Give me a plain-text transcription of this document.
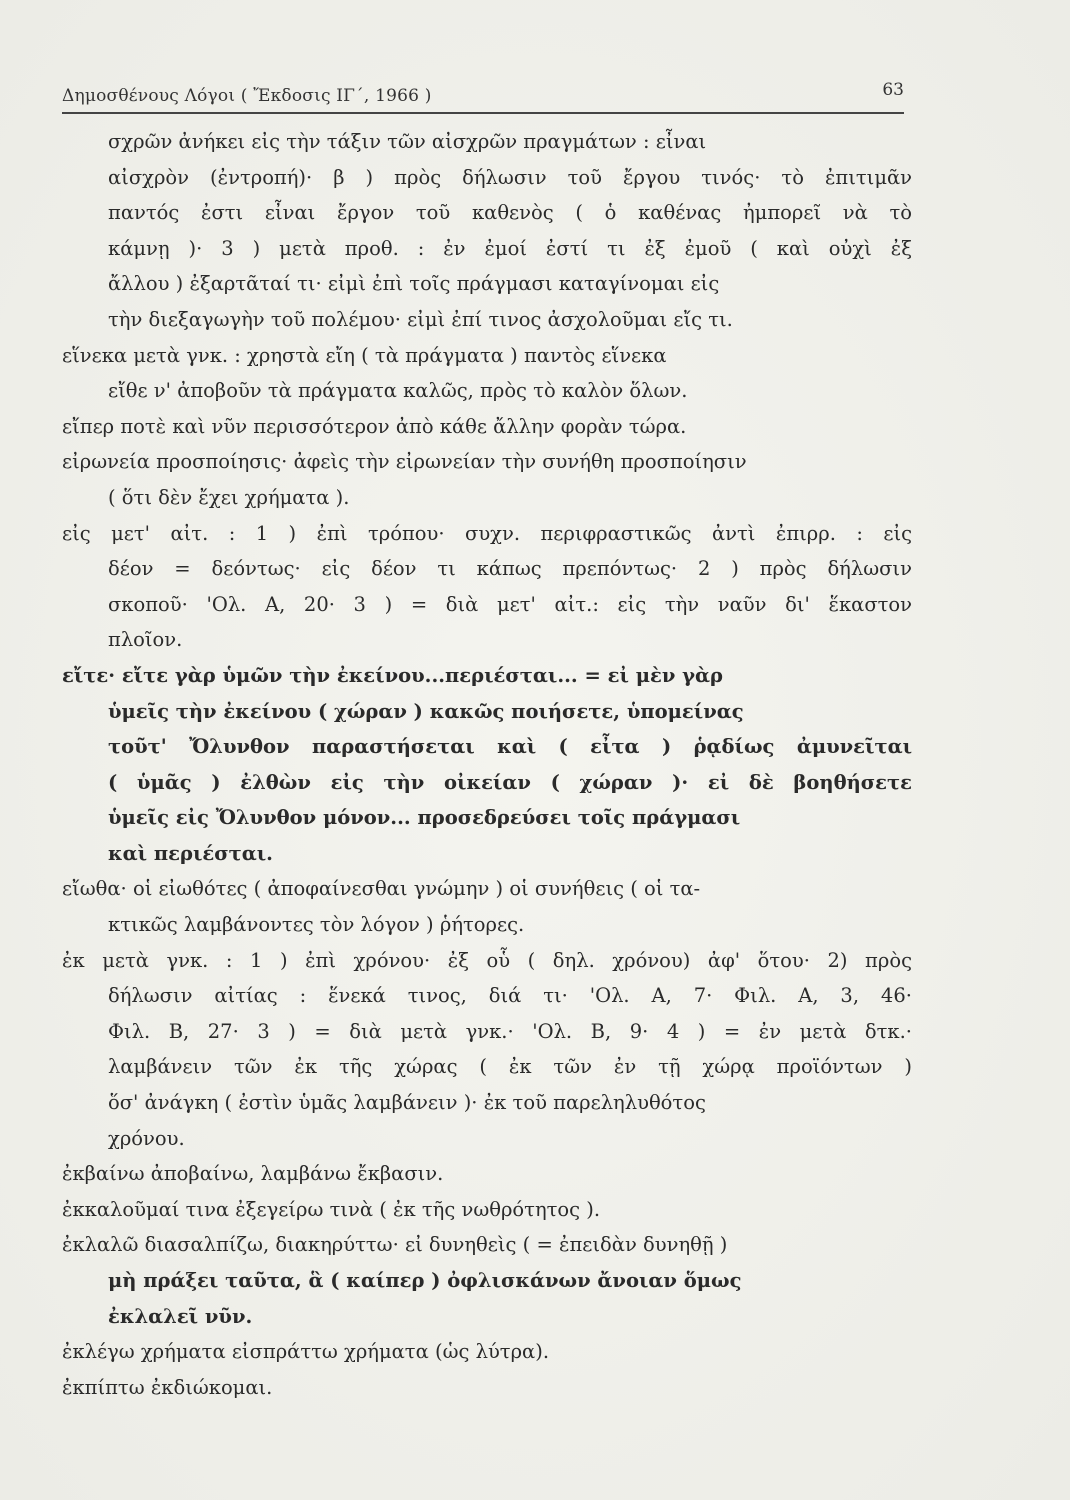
Δημοσθένους Λόγοι ( Ἔκδοσις ΙΓ΄, 1966 )	63
σχρῶν ἀνήκει εἰς τὴν τάξιν τῶν αἰσχρῶν πραγμάτων : εἶναι
αἰσχρὸν (ἐντροπή)· β ) πρὸς δήλωσιν τοῦ ἔργου τινός· τὸ ἐπιτιμᾶν
παντός ἐστι εἶναι ἔργον τοῦ καθενὸς ( ὁ καθένας ἠμπορεῖ νὰ τὸ
κάμνῃ )· 3 ) μετὰ προθ. : ἐν ἐμοί ἐστί τι ἐξ ἐμοῦ ( καὶ οὐχὶ ἐξ
ἄλλου ) ἐξαρτᾶταί τι· εἰμὶ ἐπὶ τοῖς πράγμασι καταγίνομαι εἰς
τὴν διεξαγωγὴν τοῦ πολέμου· εἰμὶ ἐπί τινος ἀσχολοῦμαι εἴς τι.
εἵνεκα μετὰ γνκ. : χρηστὰ εἴη ( τὰ πράγματα ) παντὸς εἵνεκα
εἴθε ν' ἀποβοῦν τὰ πράγματα καλῶς, πρὸς τὸ καλὸν ὅλων.
εἴπερ ποτὲ καὶ νῦν περισσότερον ἀπὸ κάθε ἄλλην φορὰν τώρα.
εἰρωνεία προσποίησις· ἀφεὶς τὴν εἰρωνείαν τὴν συνήθη προσποίησιν
( ὅτι δὲν ἔχει χρήματα ).
εἰς μετ' αἰτ. : 1 ) ἐπὶ τρόπου· συχν. περιφραστικῶς ἀντὶ ἐπιρρ. : εἰς
δέον = δεόντως· εἰς δέον τι κάπως πρεπόντως· 2 ) πρὸς δήλωσιν
σκοποῦ· 'Ολ. Α, 20· 3 ) = διὰ μετ' αἰτ.: εἰς τὴν ναῦν δι' ἕκαστον
πλοῖον.
εἴτε· εἴτε γὰρ ὑμῶν τὴν ἐκείνου...περιέσται... = εἰ μὲν γὰρ
ὑμεῖς τὴν ἐκείνου ( χώραν ) κακῶς ποιήσετε, ὑπομείνας
τοῦτ' Ὄλυνθον παραστήσεται καὶ ( εἶτα ) ῥᾳδίως ἀμυνεῖται
( ὑμᾶς ) ἐλθὼν εἰς τὴν οἰκείαν ( χώραν )· εἰ δὲ βοηθήσετε
ὑμεῖς εἰς Ὄλυνθον μόνον... προσεδρεύσει τοῖς πράγμασι
καὶ περιέσται.
εἴωθα· οἱ εἰωθότες ( ἀποφαίνεσθαι γνώμην ) οἱ συνήθεις ( οἱ τα-
κτικῶς λαμβάνοντες τὸν λόγον ) ῥήτορες.
ἐκ μετὰ γνκ. : 1 ) ἐπὶ χρόνου· ἐξ οὗ ( δηλ. χρόνου) ἀφ' ὅτου· 2) πρὸς
δήλωσιν αἰτίας : ἕνεκά τινος, διά τι· 'Ολ. Α, 7· Φιλ. Α, 3, 46·
Φιλ. Β, 27· 3 ) = διὰ μετὰ γνκ.· 'Ολ. Β, 9· 4 ) = ἐν μετὰ δτκ.·
λαμβάνειν τῶν ἐκ τῆς χώρας ( ἐκ τῶν ἐν τῇ χώρᾳ προϊόντων )
ὅσ' ἀνάγκη ( ἐστὶν ὑμᾶς λαμβάνειν )· ἐκ τοῦ παρεληλυθότος
χρόνου.
ἐκβαίνω ἀποβαίνω, λαμβάνω ἔκβασιν.
ἐκκαλοῦμαί τινα ἐξεγείρω τινὰ ( ἐκ τῆς νωθρότητος ).
ἐκλαλῶ διασαλπίζω, διακηρύττω· εἰ δυνηθεὶς ( = ἐπειδὰν δυνηθῇ )
μὴ πράξει ταῦτα, ἃ ( καίπερ ) ὀφλισκάνων ἄνοιαν ὅμως
ἐκλαλεῖ νῦν.
ἐκλέγω χρήματα εἰσπράττω χρήματα (ὡς λύτρα).
ἐκπίπτω ἐκδιώκομαι.
